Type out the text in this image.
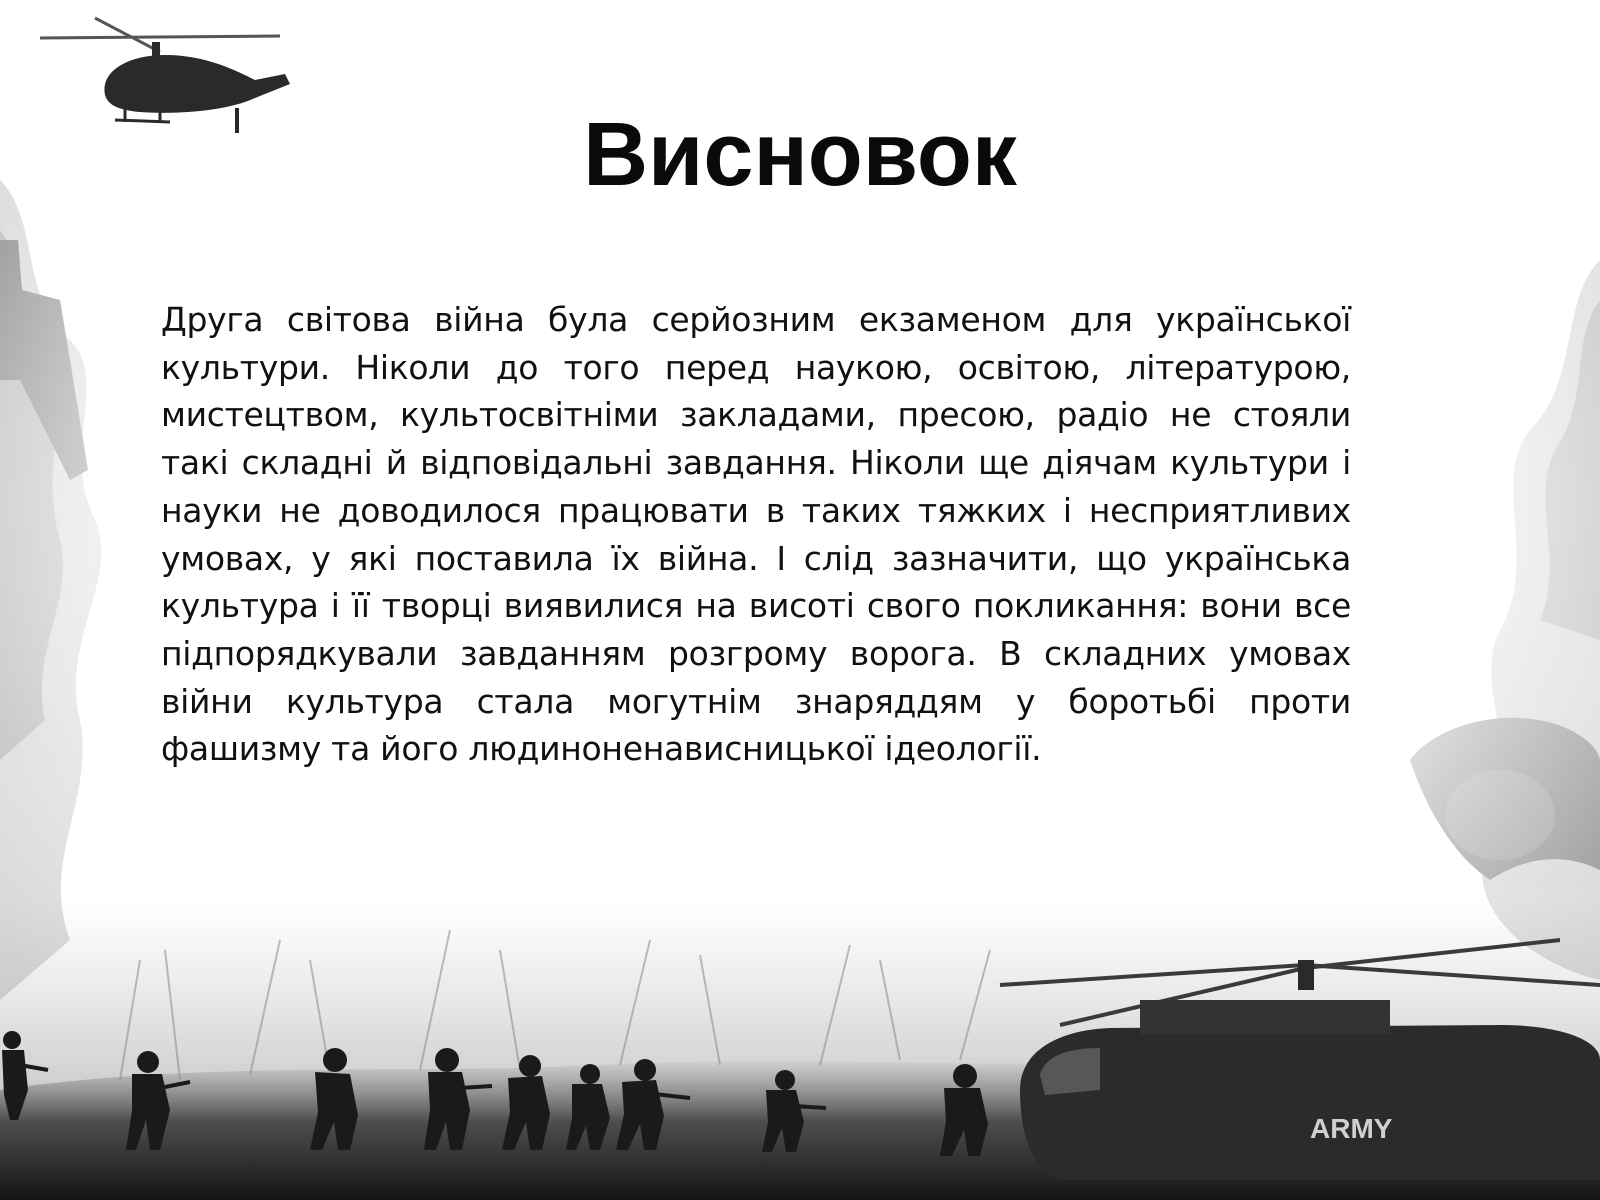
ARMY
Висновок

Друга світова війна була серйозним екзаменом для української культури. Ніколи до того перед наукою, освітою, літературою, мистецтвом, культосвітніми закладами, пресою, радіо не стояли такі складні й відповідальні завдання. Ніколи ще діячам культури і науки не доводилося працювати в таких тяжких і несприятливих умовах, у які поставила їх війна. І слід зазначити, що українська культура і її творці виявилися на висоті свого покликання: вони все підпорядкували завданням розгрому ворога. В складних умовах війни культура стала могутнім знаряддям у боротьбі проти фашизму та його людиноненависницької ідеології.
